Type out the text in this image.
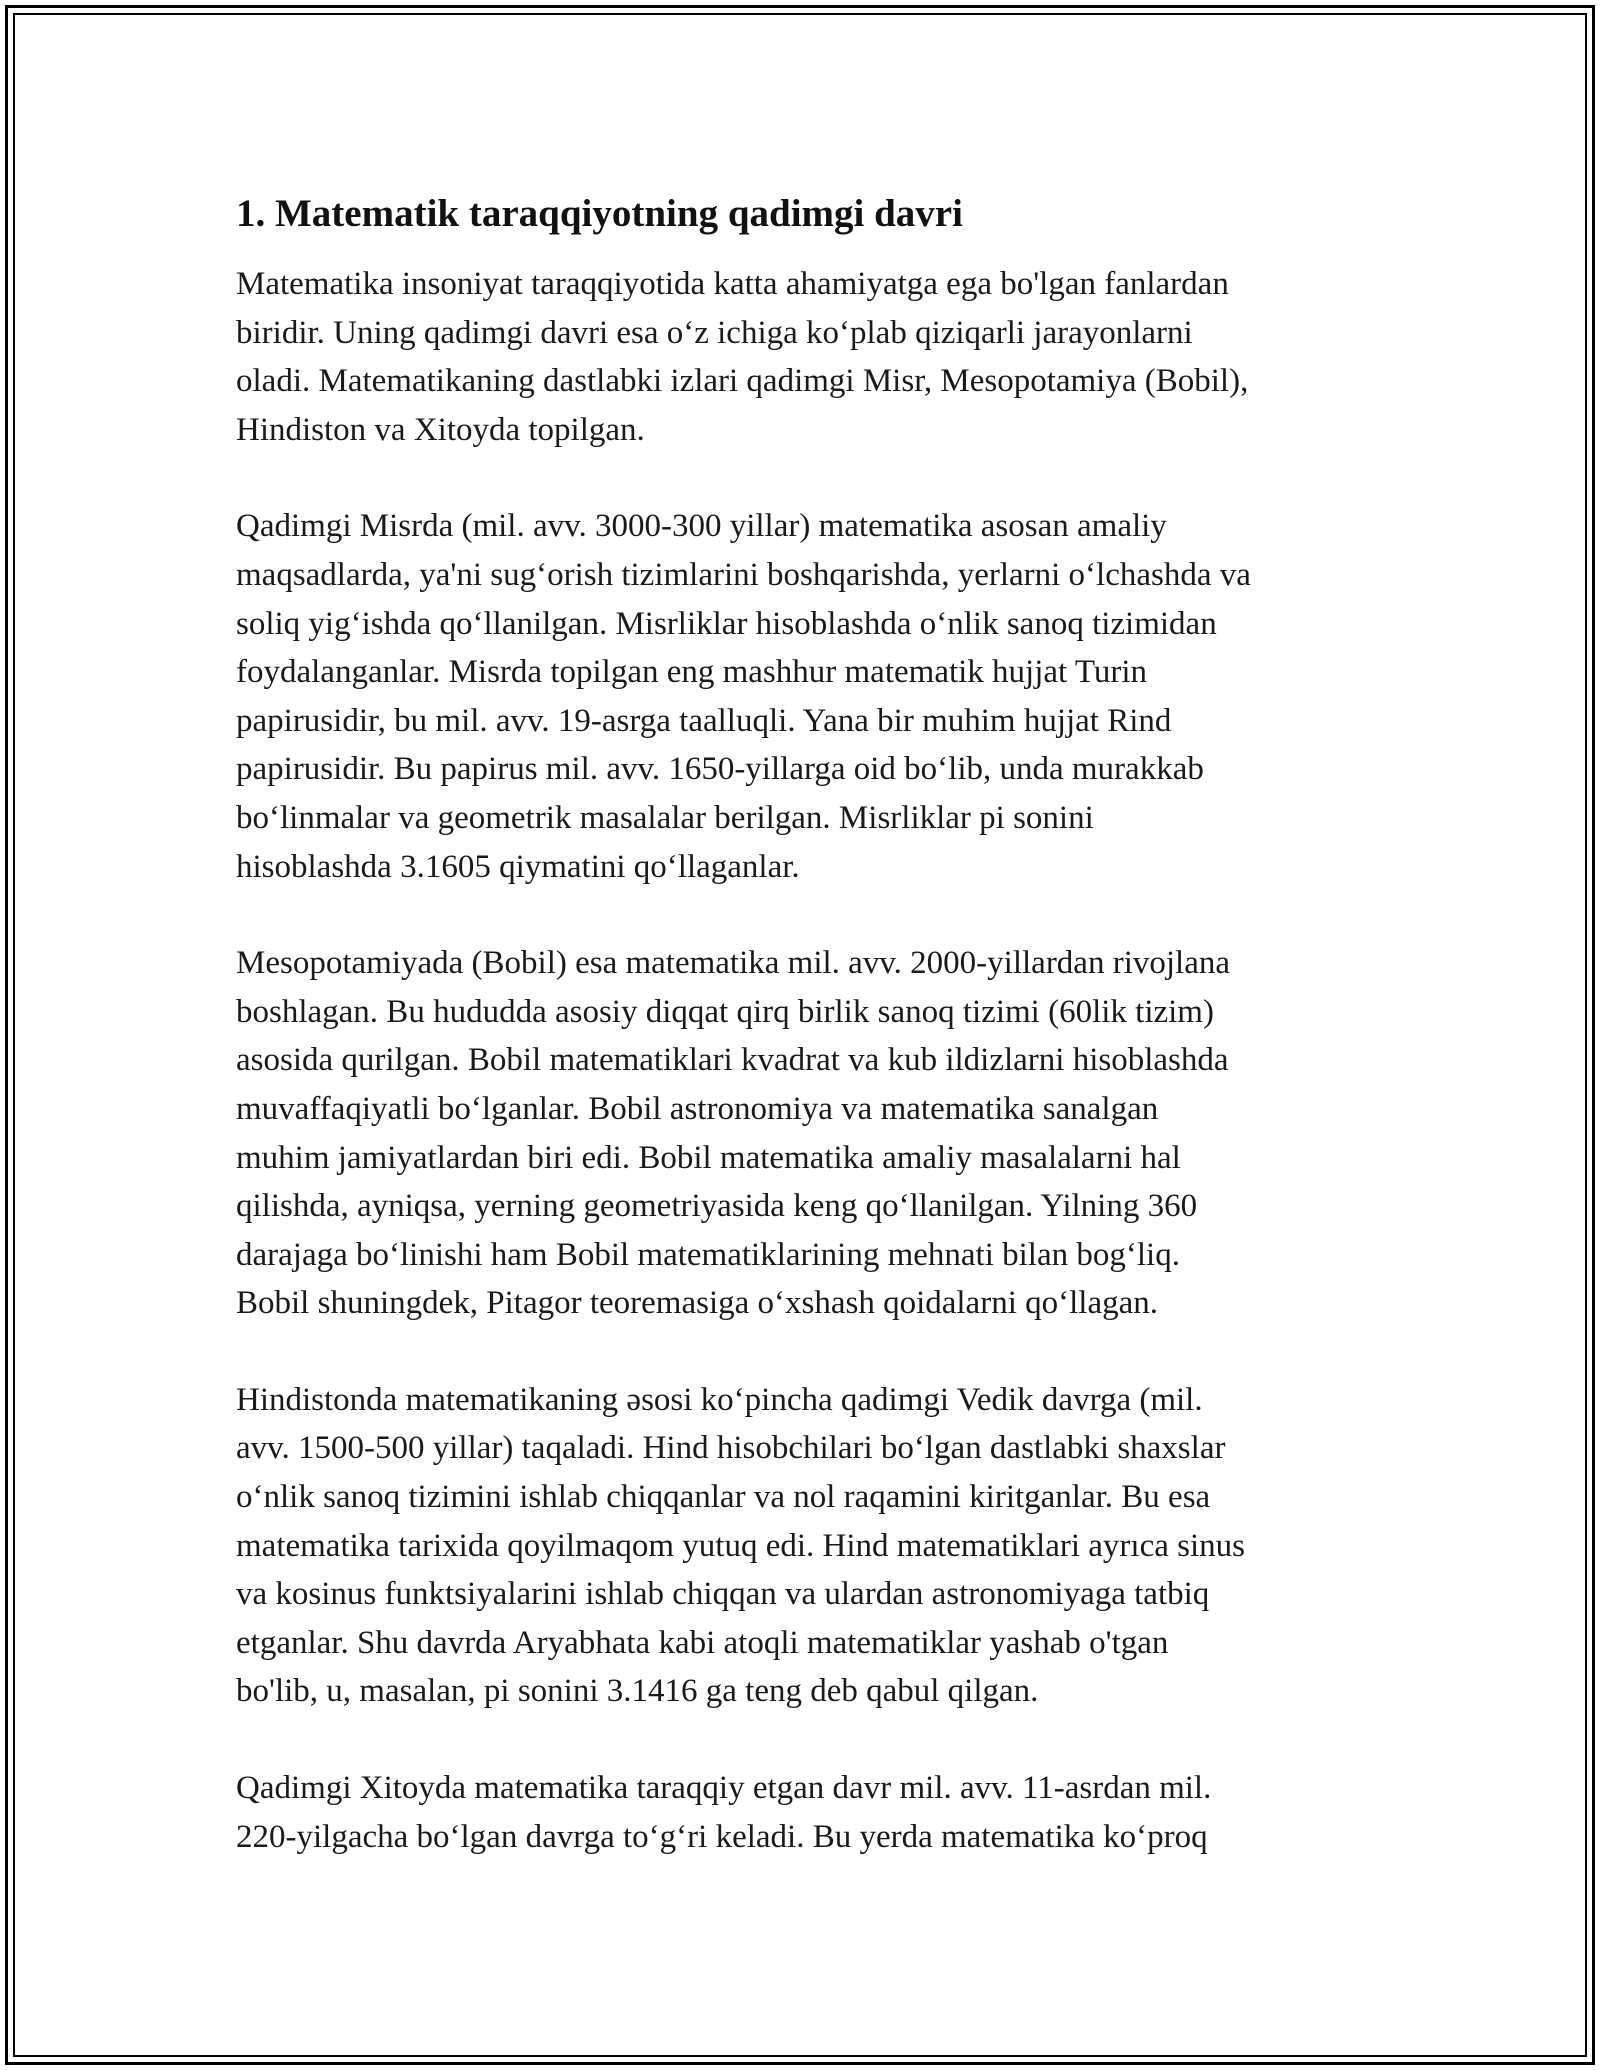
1. Matematik taraqqiyotning qadimgi davri

Matematika insoniyat taraqqiyotida katta ahamiyatga ega bo'lgan fanlardan
biridir. Uning qadimgi davri esa o‘z ichiga ko‘plab qiziqarli jarayonlarni
oladi. Matematikaning dastlabki izlari qadimgi Misr, Mesopotamiya (Bobil),
Hindiston va Xitoyda topilgan.

Qadimgi Misrda (mil. avv. 3000-300 yillar) matematika asosan amaliy
maqsadlarda, ya'ni sug‘orish tizimlarini boshqarishda, yerlarni o‘lchashda va
soliq yig‘ishda qo‘llanilgan. Misrliklar hisoblashda o‘nlik sanoq tizimidan
foydalanganlar. Misrda topilgan eng mashhur matematik hujjat Turin
papirusidir, bu mil. avv. 19-asrga taalluqli. Yana bir muhim hujjat Rind
papirusidir. Bu papirus mil. avv. 1650-yillarga oid bo‘lib, unda murakkab
bo‘linmalar va geometrik masalalar berilgan. Misrliklar pi sonini
hisoblashda 3.1605 qiymatini qo‘llaganlar.

Mesopotamiyada (Bobil) esa matematika mil. avv. 2000-yillardan rivojlana
boshlagan. Bu hududda asosiy diqqat qirq birlik sanoq tizimi (60lik tizim)
asosida qurilgan. Bobil matematiklari kvadrat va kub ildizlarni hisoblashda
muvaffaqiyatli bo‘lganlar. Bobil astronomiya va matematika sanalgan
muhim jamiyatlardan biri edi. Bobil matematika amaliy masalalarni hal
qilishda, ayniqsa, yerning geometriyasida keng qo‘llanilgan. Yilning 360
darajaga bo‘linishi ham Bobil matematiklarining mehnati bilan bog‘liq.
Bobil shuningdek, Pitagor teoremasiga o‘xshash qoidalarni qo‘llagan.

Hindistonda matematikaning əsosi ko‘pincha qadimgi Vedik davrga (mil.
avv. 1500-500 yillar) taqaladi. Hind hisobchilari bo‘lgan dastlabki shaxslar
o‘nlik sanoq tizimini ishlab chiqqanlar va nol raqamini kiritganlar. Bu esa
matematika tarixida qoyilmaqom yutuq edi. Hind matematiklari ayrıca sinus
va kosinus funktsiyalarini ishlab chiqqan va ulardan astronomiyaga tatbiq
etganlar. Shu davrda Aryabhata kabi atoqli matematiklar yashab o'tgan
bo'lib, u, masalan, pi sonini 3.1416 ga teng deb qabul qilgan.

Qadimgi Xitoyda matematika taraqqiy etgan davr mil. avv. 11-asrdan mil.
220-yilgacha bo‘lgan davrga to‘g‘ri keladi. Bu yerda matematika ko‘proq
